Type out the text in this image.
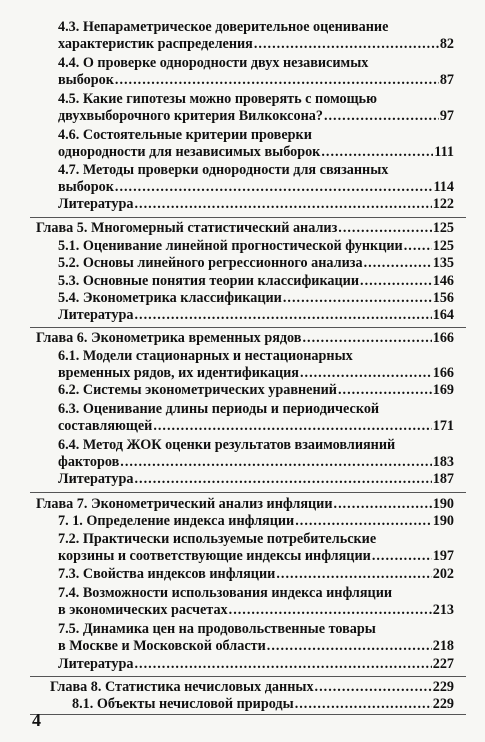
4.3. Непараметрическое доверительное оценивание
характеристик распределения .....	82
4.4. О проверке однородности двух независимых
выборок .....	87
4.5. Какие гипотезы можно проверять с помощью
двухвыборочного критерия Вилкоксона? .....	97
4.6. Состоятельные критерии проверки
однородности для независимых выборок .....	111
4.7. Методы проверки однородности для связанных
выборок .....	114
Литература .....	122
Глава 5. Многомерный статистический анализ .....	125
5.1. Оценивание линейной прогностической функции ..... 125
5.2. Основы линейного регрессионного анализа .....	135
5.3. Основные понятия теории классификации .....	146
5.4. Эконометрика классификации .....	156
Литература .....	164
Глава 6. Эконометрика временных рядов .....	166
6.1. Модели стационарных и нестационарных
временных рядов, их идентификация .....	166
6.2. Системы эконометрических уравнений .....	169
6.3. Оценивание длины периоды и периодической
составляющей .....	171
6.4. Метод ЖОК оценки результатов взаимовлияний
факторов .....	183
Литература .....	187
Глава 7. Эконометрический анализ инфляции .....	190
7. 1. Определение индекса инфляции .....	190
7.2. Практически используемые потребительские
корзины и соответствующие индексы инфляции .....	197
7.3. Свойства индексов инфляции .....	202
7.4. Возможности использования индекса инфляции
в экономических расчетах .....	213
7.5. Динамика цен на продовольственные товары
в Москве и Московской области .....	218
Литература .....	227
Глава 8. Статистика нечисловых данных .....	229
8.1. Объекты нечисловой природы .....	229
4
